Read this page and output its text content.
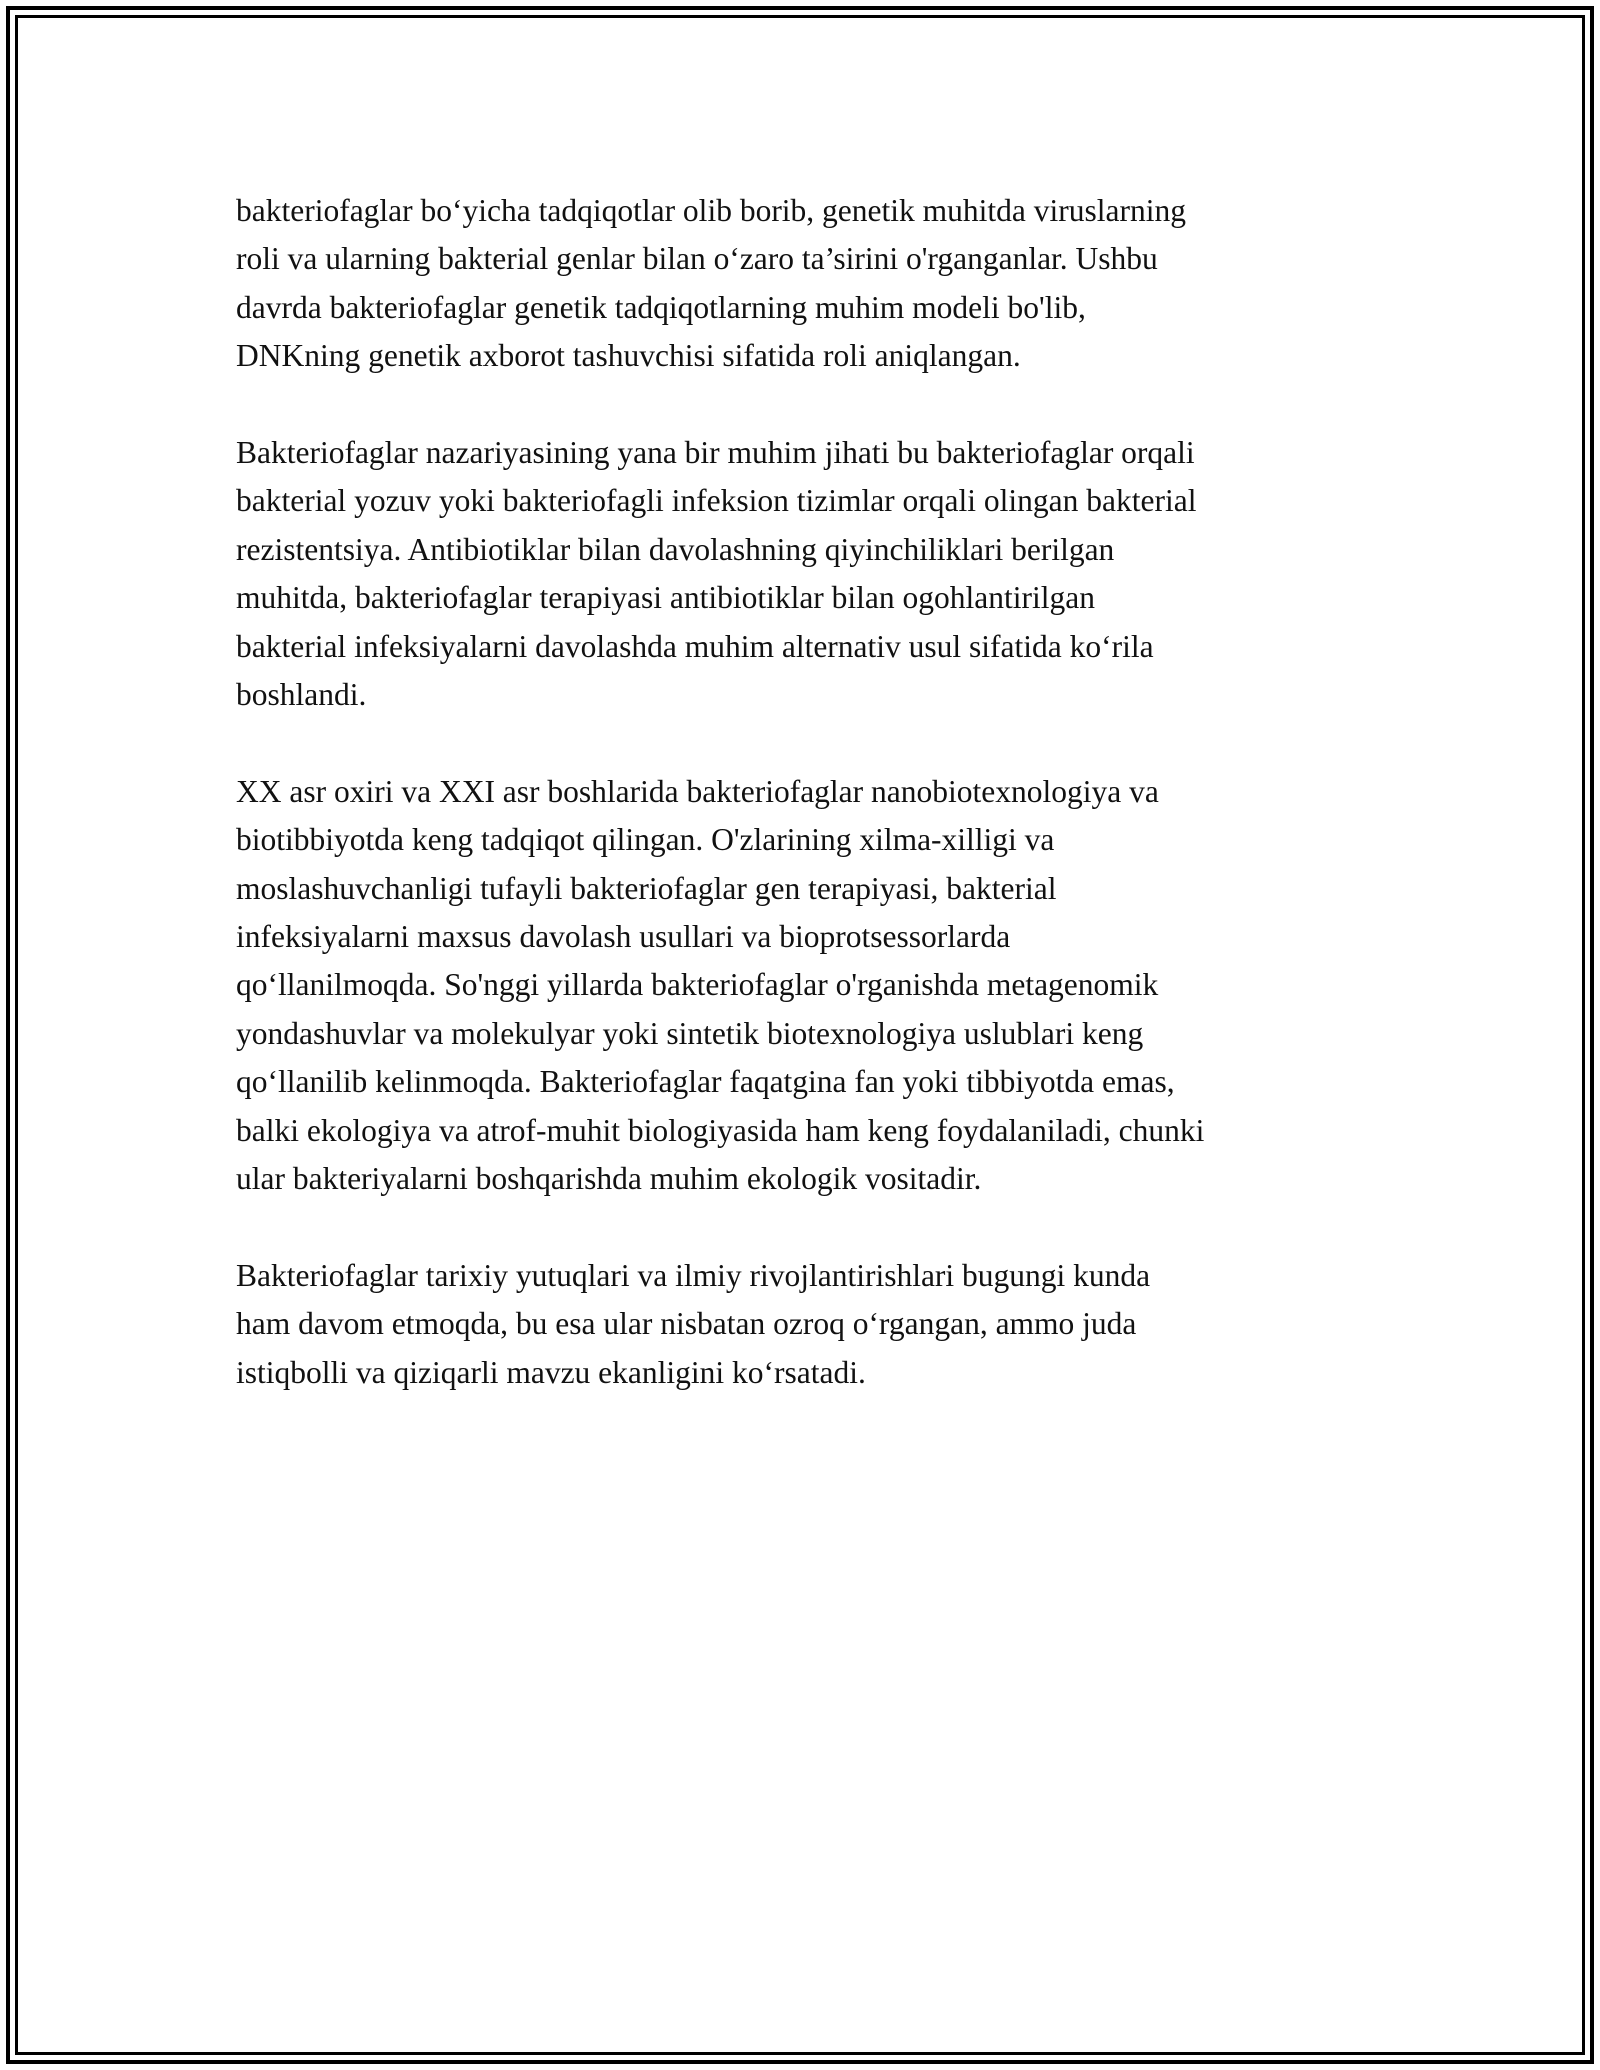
bakteriofaglar bo‘yicha tadqiqotlar olib borib, genetik muhitda viruslarning
roli va ularning bakterial genlar bilan o‘zaro ta’sirini o'rganganlar. Ushbu
davrda bakteriofaglar genetik tadqiqotlarning muhim modeli bo'lib,
DNKning genetik axborot tashuvchisi sifatida roli aniqlangan.

Bakteriofaglar nazariyasining yana bir muhim jihati bu bakteriofaglar orqali
bakterial yozuv yoki bakteriofagli infeksion tizimlar orqali olingan bakterial
rezistentsiya. Antibiotiklar bilan davolashning qiyinchiliklari berilgan
muhitda, bakteriofaglar terapiyasi antibiotiklar bilan ogohlantirilgan
bakterial infeksiyalarni davolashda muhim alternativ usul sifatida ko‘rila
boshlandi.

XX asr oxiri va XXI asr boshlarida bakteriofaglar nanobiotexnologiya va
biotibbiyotda keng tadqiqot qilingan. O'zlarining xilma-xilligi va
moslashuvchanligi tufayli bakteriofaglar gen terapiyasi, bakterial
infeksiyalarni maxsus davolash usullari va bioprotsessorlarda
qo‘llanilmoqda. So'nggi yillarda bakteriofaglar o'rganishda metagenomik
yondashuvlar va molekulyar yoki sintetik biotexnologiya uslublari keng
qo‘llanilib kelinmoqda. Bakteriofaglar faqatgina fan yoki tibbiyotda emas,
balki ekologiya va atrof-muhit biologiyasida ham keng foydalaniladi, chunki
ular bakteriyalarni boshqarishda muhim ekologik vositadir.

Bakteriofaglar tarixiy yutuqlari va ilmiy rivojlantirishlari bugungi kunda
ham davom etmoqda, bu esa ular nisbatan ozroq o‘rgangan, ammo juda
istiqbolli va qiziqarli mavzu ekanligini ko‘rsatadi.
